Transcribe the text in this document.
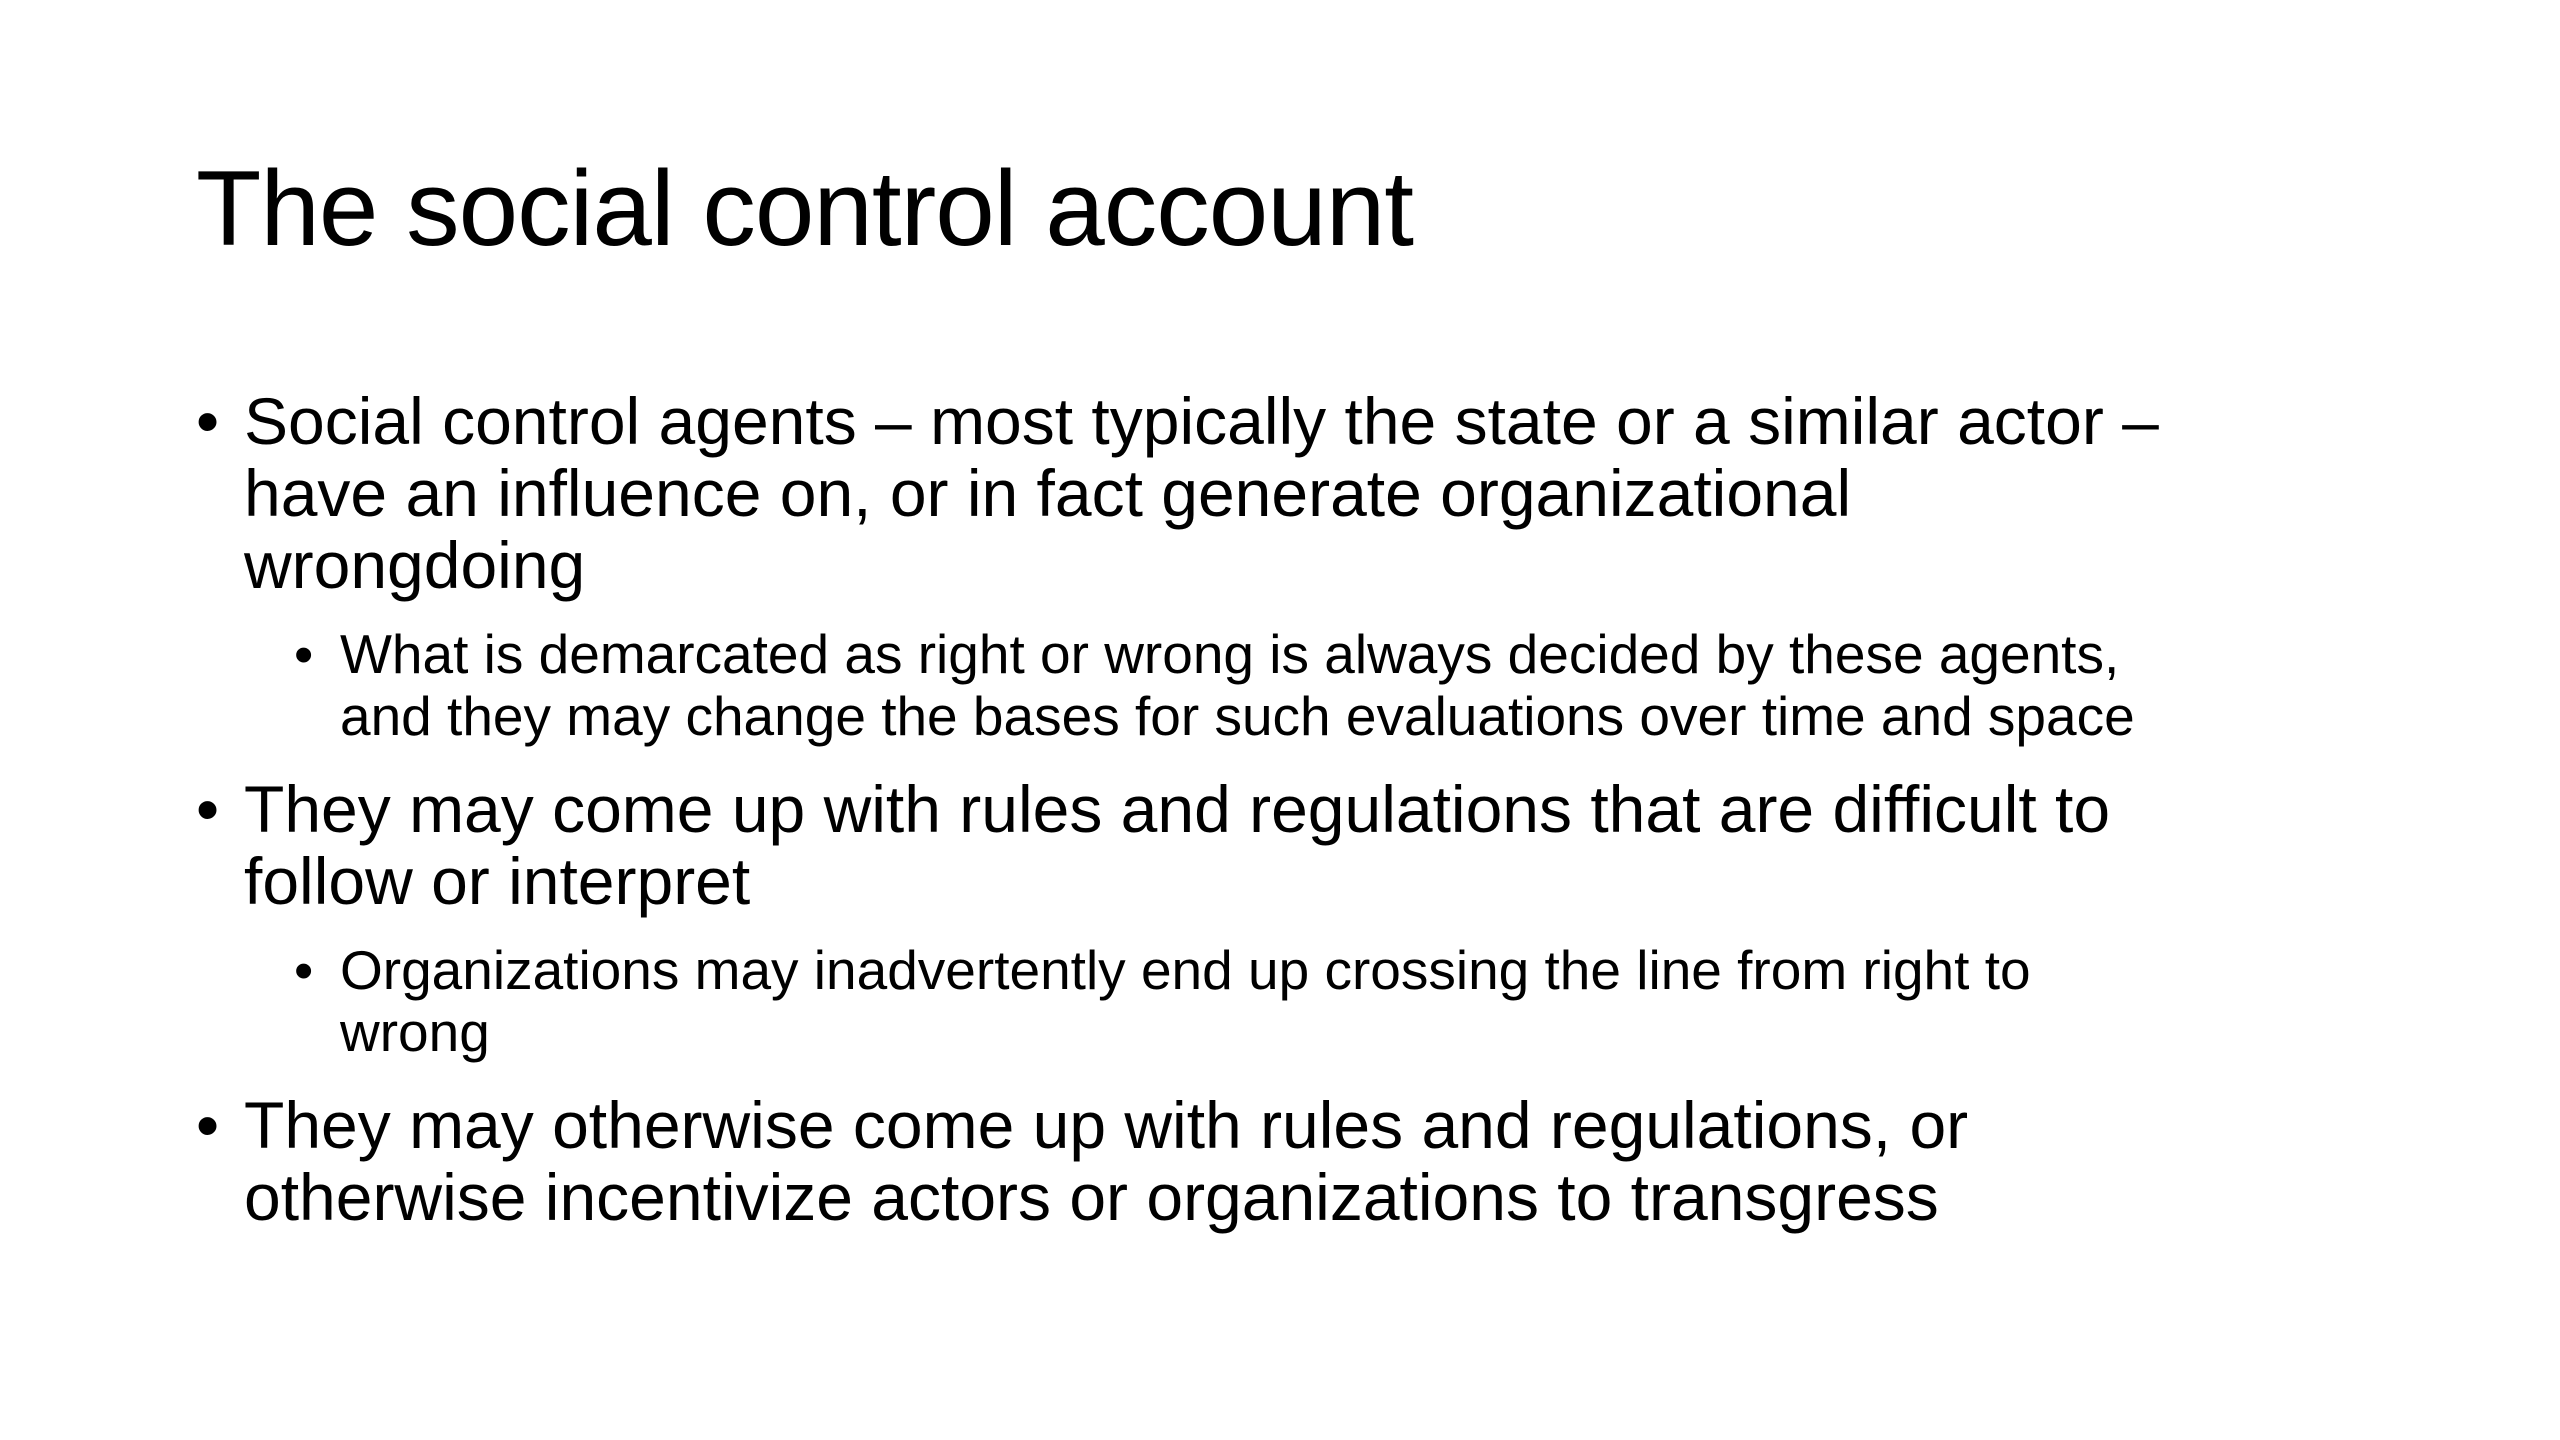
The social control account
• Social control agents – most typically the state or a similar actor –
have an influence on, or in fact generate organizational
wrongdoing
• What is demarcated as right or wrong is always decided by these agents,
and they may change the bases for such evaluations over time and space
• They may come up with rules and regulations that are difficult to
follow or interpret
• Organizations may inadvertently end up crossing the line from right to
wrong
• They may otherwise come up with rules and regulations, or
otherwise incentivize actors or organizations to transgress
